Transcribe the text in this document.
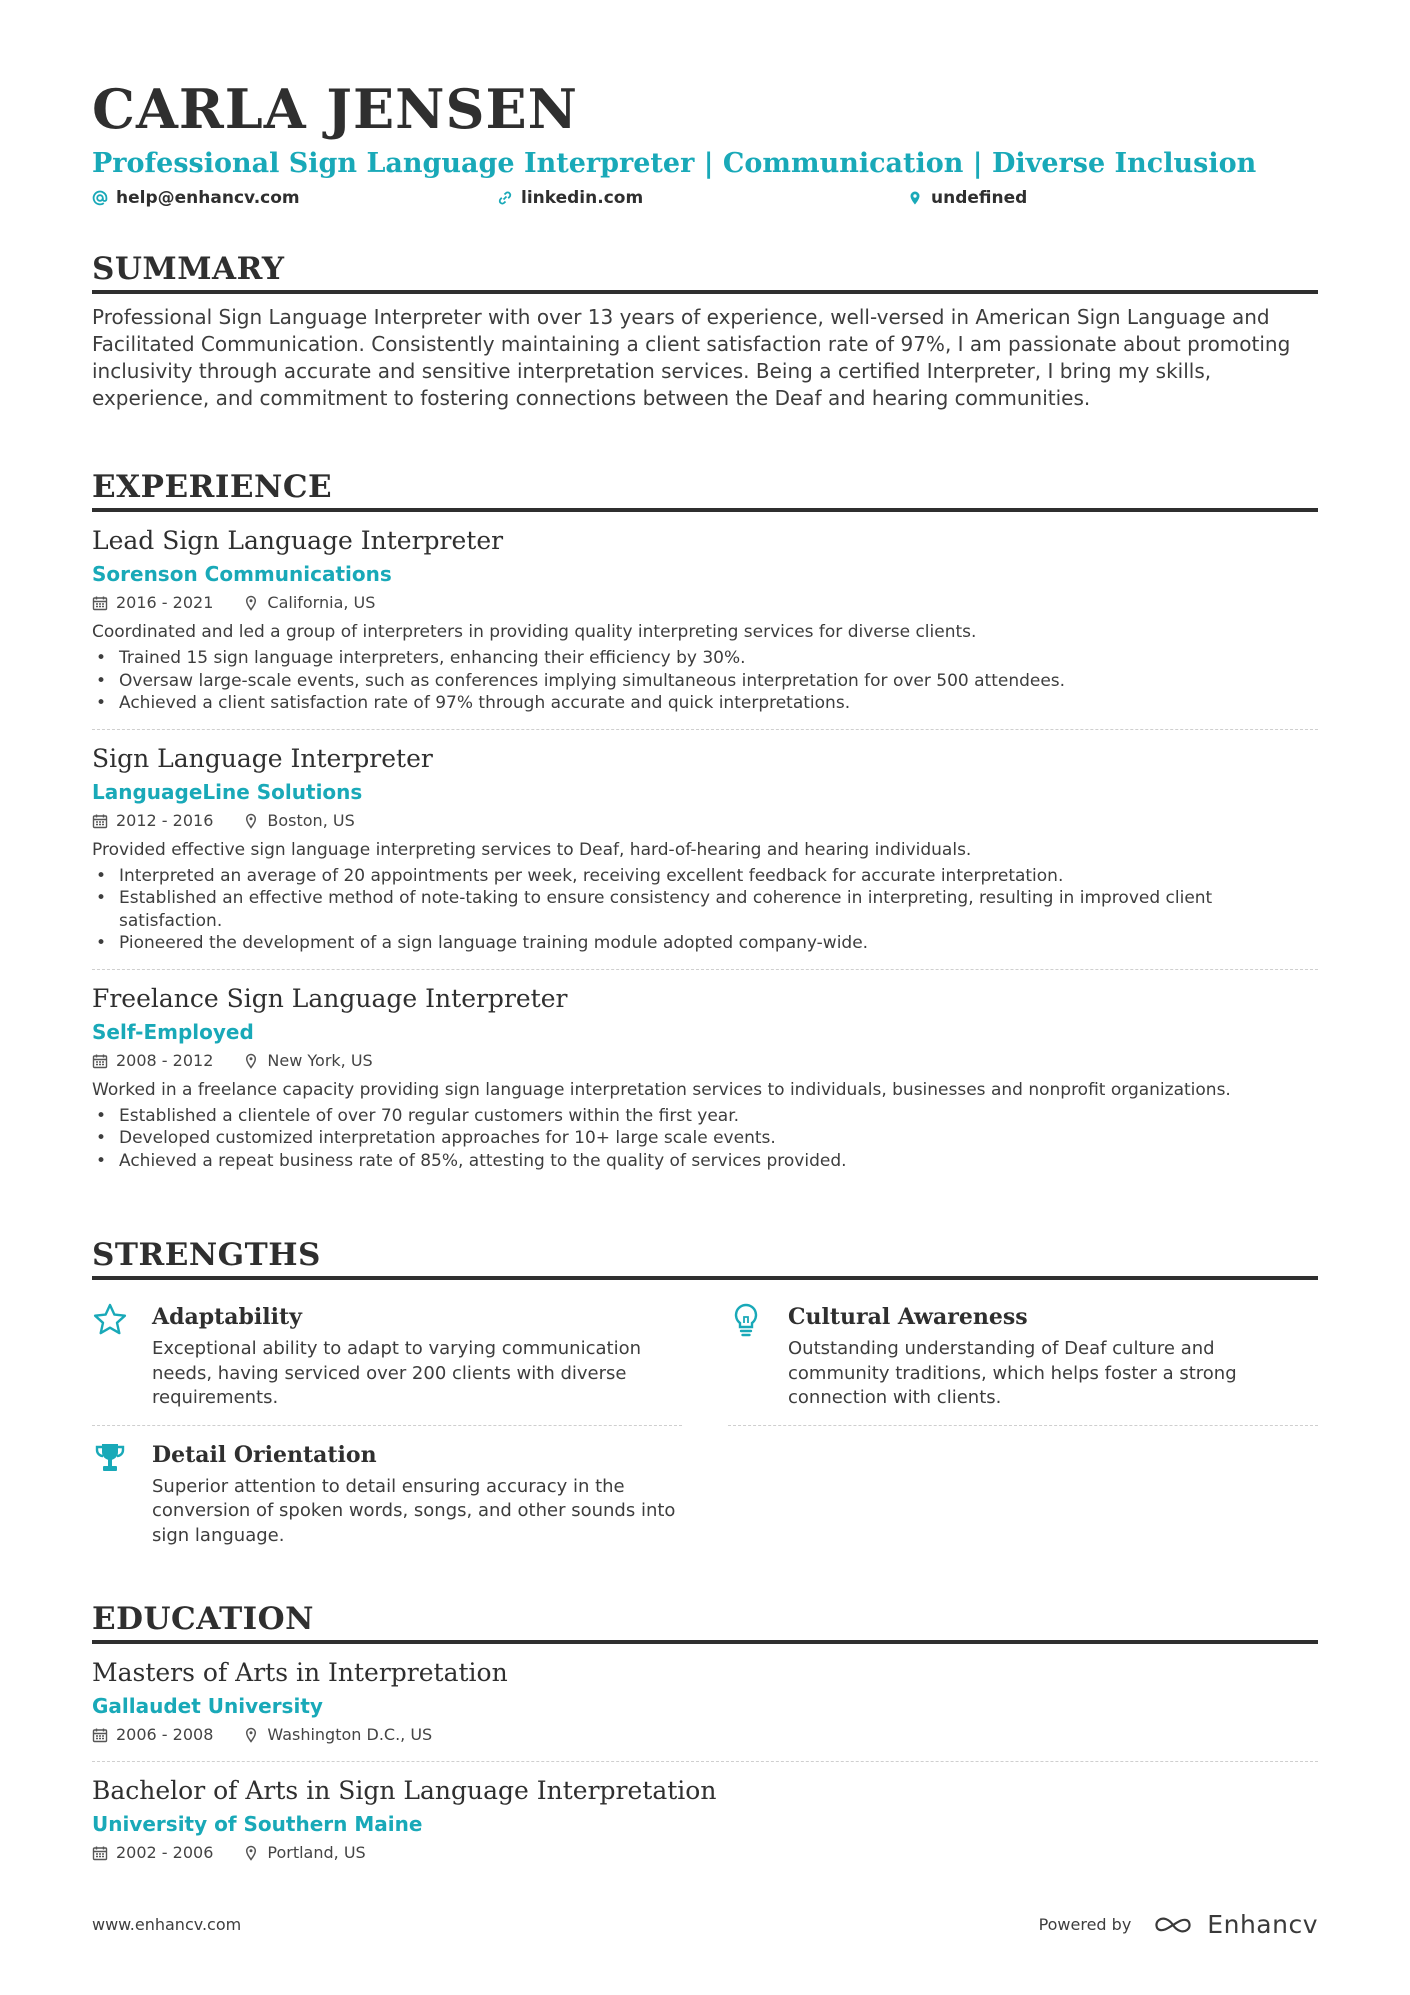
CARLA JENSEN
Professional Sign Language Interpreter | Communication | Diverse Inclusion
help@enhancv.com	linkedin.com	undefined
SUMMARY

Professional Sign Language Interpreter with over 13 years of experience, well-versed in American Sign Language and Facilitated Communication. Consistently maintaining a client satisfaction rate of 97%, I am passionate about promoting inclusivity through accurate and sensitive interpretation services. Being a certified Interpreter, I bring my skills, experience, and commitment to fostering connections between the Deaf and hearing communities.

EXPERIENCE
Lead Sign Language Interpreter
Sorenson Communications
2016 - 2021	California, US

Coordinated and led a group of interpreters in providing quality interpreting services for diverse clients.

• Trained 15 sign language interpreters, enhancing their efficiency by 30%.
• Oversaw large-scale events, such as conferences implying simultaneous interpretation for over 500 attendees.
• Achieved a client satisfaction rate of 97% through accurate and quick interpretations.
Sign Language Interpreter
LanguageLine Solutions
2012 - 2016	Boston, US

Provided effective sign language interpreting services to Deaf, hard-of-hearing and hearing individuals.

• Interpreted an average of 20 appointments per week, receiving excellent feedback for accurate interpretation.
• Established an effective method of note-taking to ensure consistency and coherence in interpreting, resulting in improved client satisfaction.
• Pioneered the development of a sign language training module adopted company-wide.
Freelance Sign Language Interpreter
Self-Employed
2008 - 2012	New York, US

Worked in a freelance capacity providing sign language interpretation services to individuals, businesses and nonprofit organizations.

• Established a clientele of over 70 regular customers within the first year.
• Developed customized interpretation approaches for 10+ large scale events.
• Achieved a repeat business rate of 85%, attesting to the quality of services provided.
STRENGTHS
Adaptability

Exceptional ability to adapt to varying communication needs, having serviced over 200 clients with diverse requirements.

Cultural Awareness

Outstanding understanding of Deaf culture and community traditions, which helps foster a strong connection with clients.

Detail Orientation

Superior attention to detail ensuring accuracy in the conversion of spoken words, songs, and other sounds into sign language.

EDUCATION
Masters of Arts in Interpretation
Gallaudet University
2006 - 2008	Washington D.C., US
Bachelor of Arts in Sign Language Interpretation
University of Southern Maine
2002 - 2006	Portland, US
www.enhancv.com	Powered by	Enhancv
